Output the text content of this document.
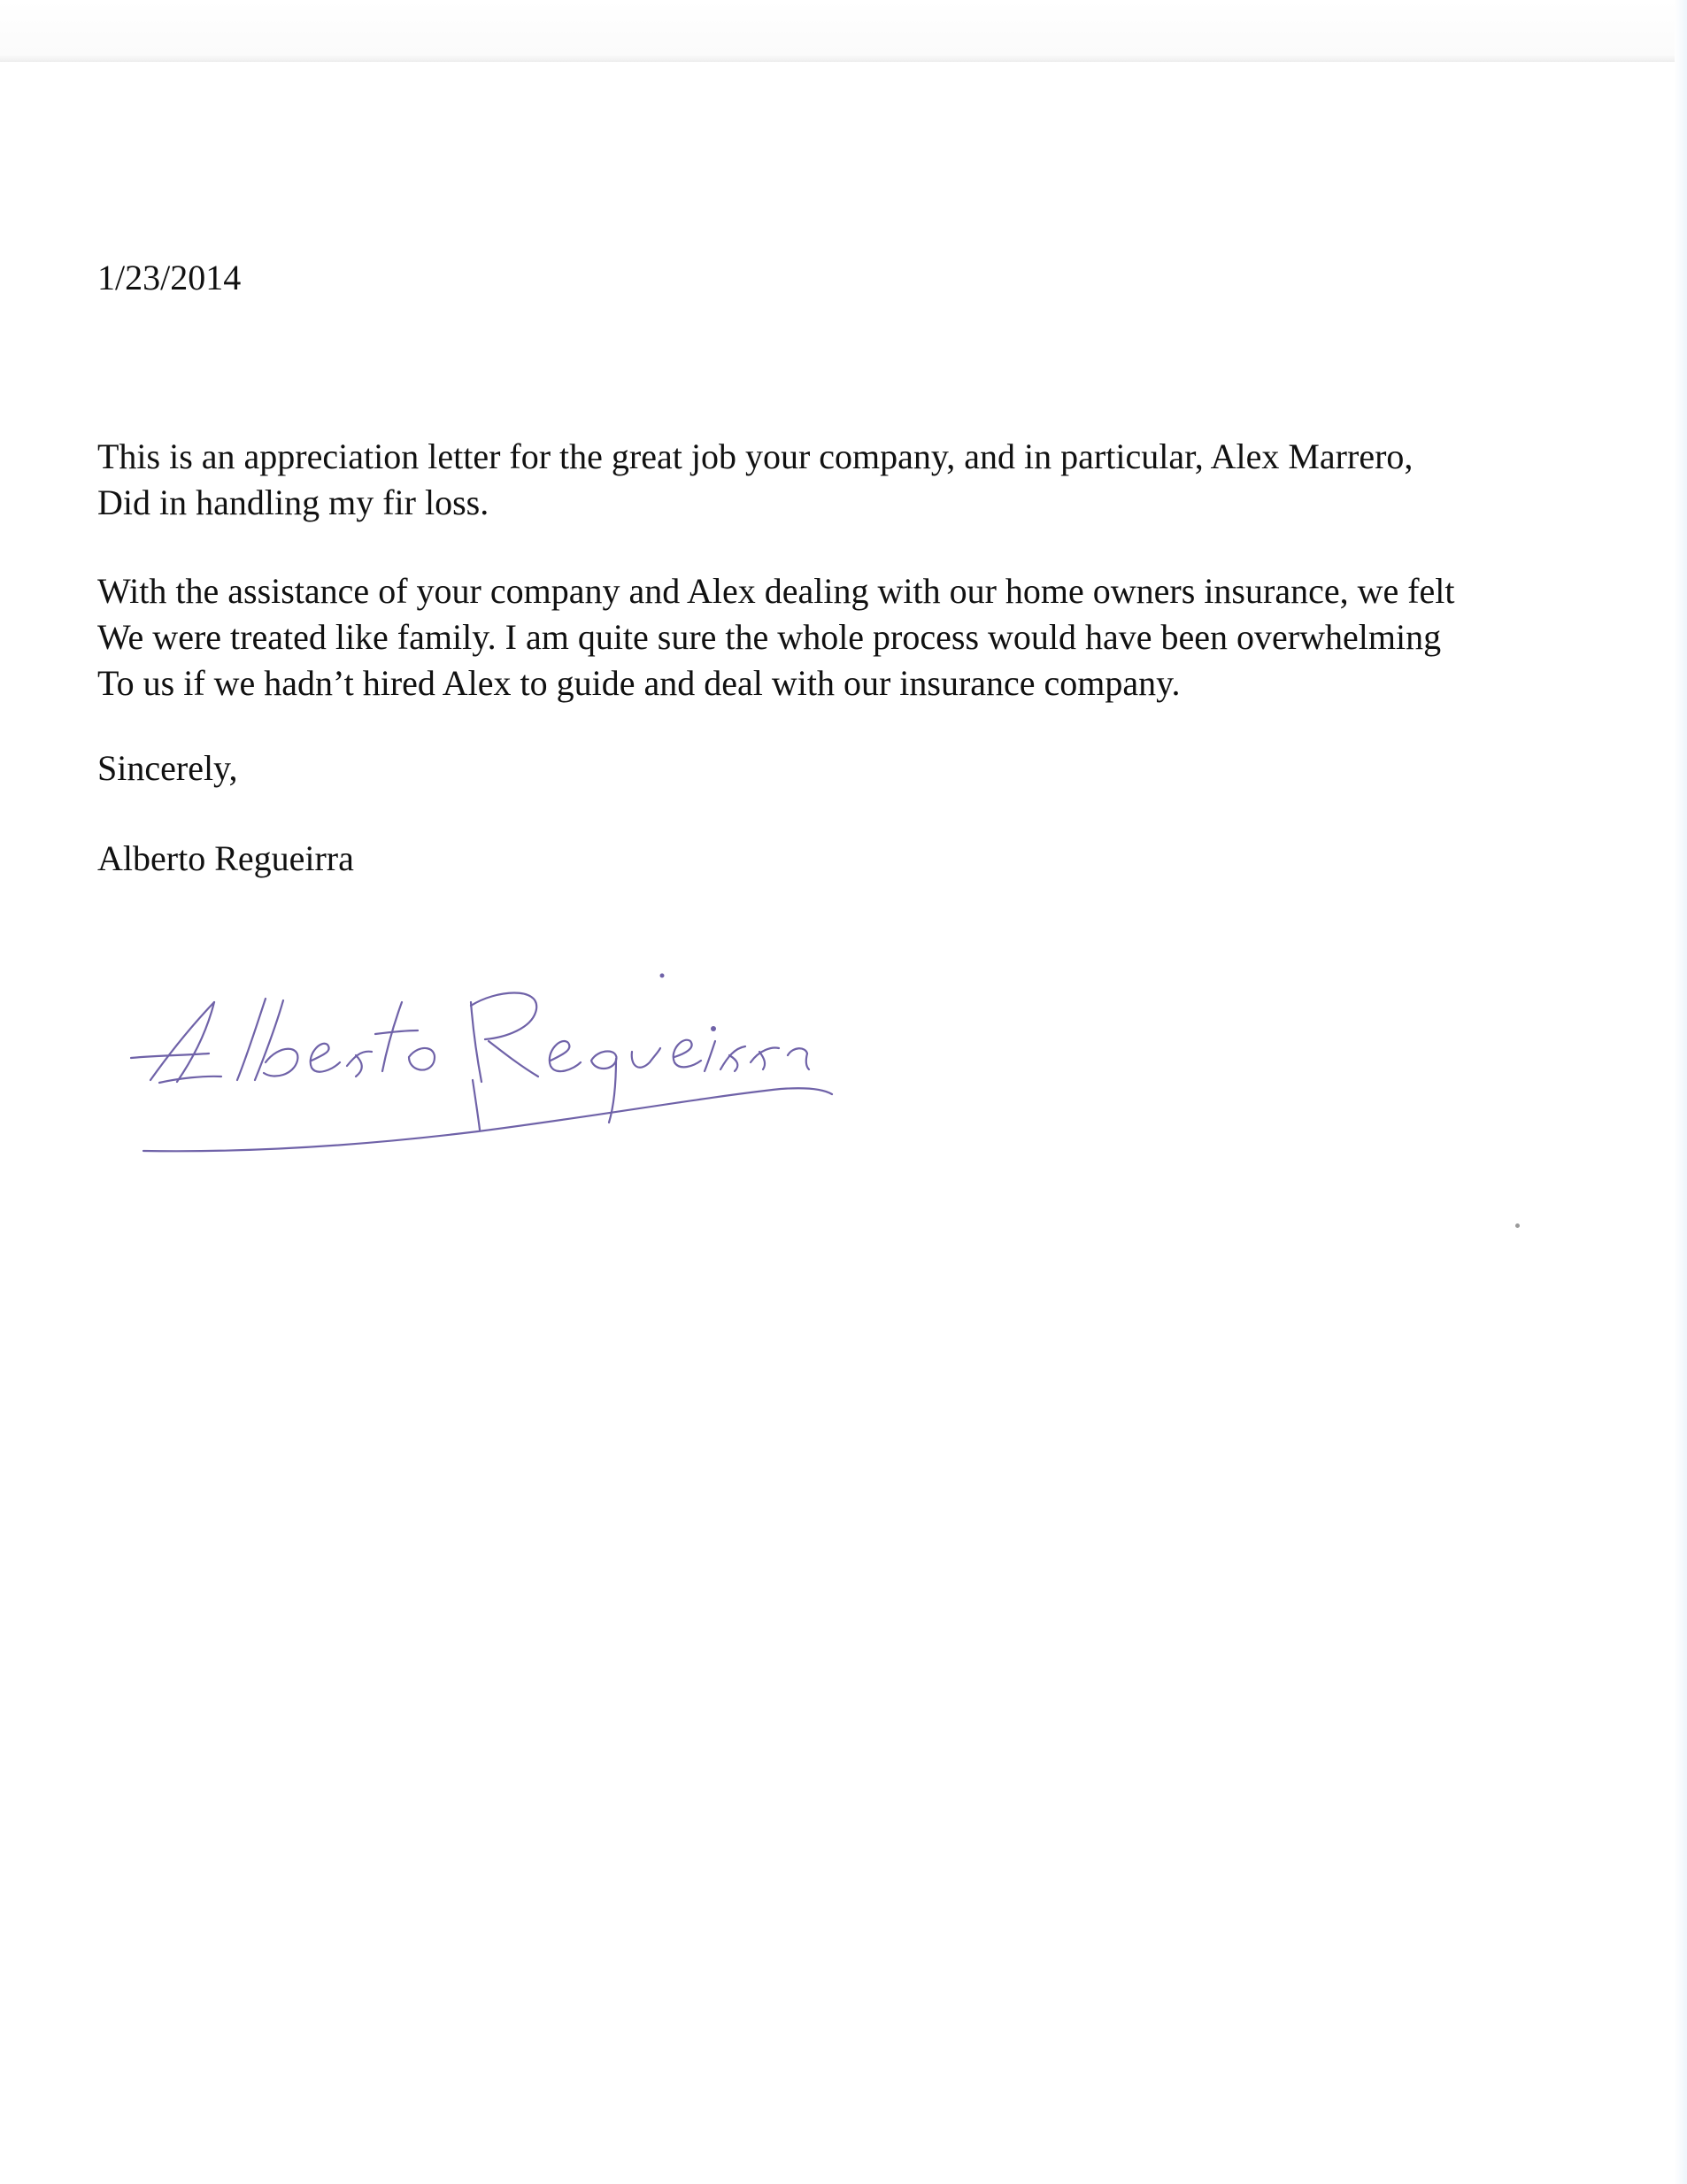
1/23/2014

This is an appreciation letter for the great job your company, and in particular, Alex Marrero,
Did in handling my fir loss.
With the assistance of your company and Alex dealing with our home owners insurance, we felt
We were treated like family. I am quite sure the whole process would have been overwhelming
To us if we hadn’t hired Alex to guide and deal with our insurance company.

Sincerely,

Alberto Regueirra
